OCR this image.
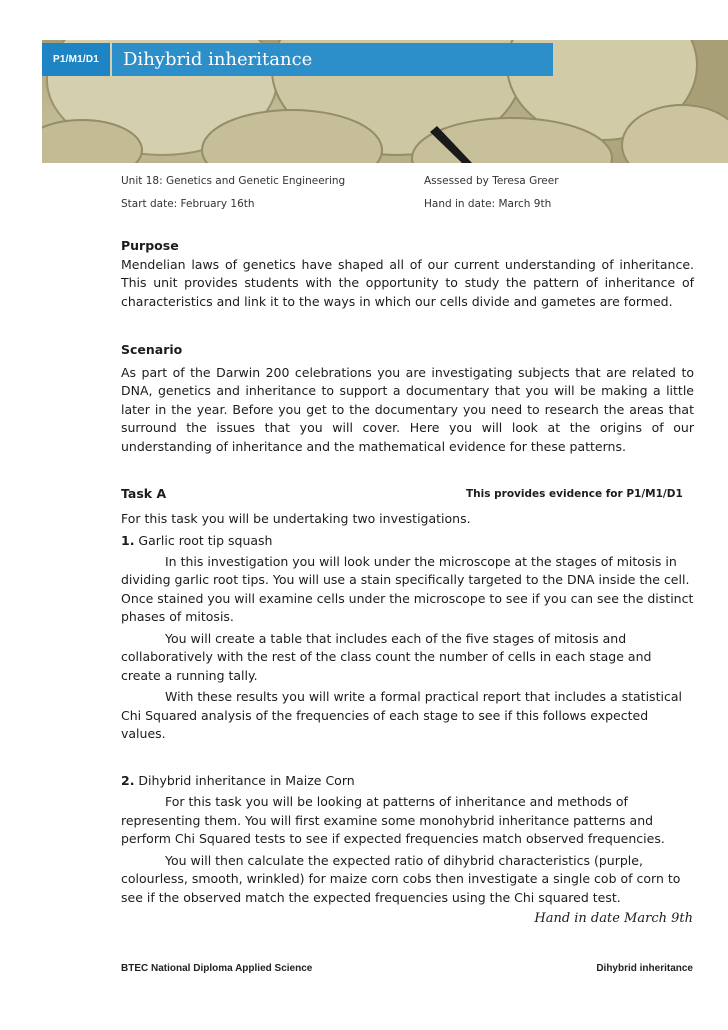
P1/M1/D1	Dihybrid inheritance
Unit 18: Genetics and Genetic Engineering	Assessed by Teresa Greer
Start date: February 16th	Hand in date: March 9th
Purpose

Mendelian laws of genetics have shaped all of our current understanding of inheritance. This unit provides students with the opportunity to study the pattern of inheritance of characteristics and link it to the ways in which our cells divide and gametes are formed.

Scenario

As part of the Darwin 200 celebrations you are investigating subjects that are related to DNA, genetics and inheritance to support a documentary that you will be making a little later in the year. Before you get to the documentary you need to research the areas that surround the issues that you will cover. Here you will look at the origins of our understanding of inheritance and the mathematical evidence for these patterns.

Task A

For this task you will be undertaking two investigations.

1. Garlic root tip squash

In this investigation you will look under the microscope at the stages of mitosis in dividing garlic root tips. You will use a stain specifically targeted to the DNA inside the cell. Once stained you will examine cells under the microscope to see if you can see the distinct phases of mitosis.

You will create a table that includes each of the five stages of mitosis and collaboratively with the rest of the class count the number of cells in each stage and create a running tally.

With these results you will write a formal practical report that includes a statistical Chi Squared analysis of the frequencies of each stage to see if this follows expected values.

2. Dihybrid inheritance in Maize Corn

For this task you will be looking at patterns of inheritance and methods of representing them. You will first examine some monohybrid inheritance patterns and perform Chi Squared tests to see if expected frequencies match observed frequencies.

You will then calculate the expected ratio of dihybrid characteristics (purple, colourless, smooth, wrinkled) for maize corn cobs then investigate a single cob of corn to see if the observed match the expected frequencies using the Chi squared test.

This provides evidence for P1/M1/D1
Hand in date March 9th
BTEC National Diploma Applied Science	Dihybrid inheritance
